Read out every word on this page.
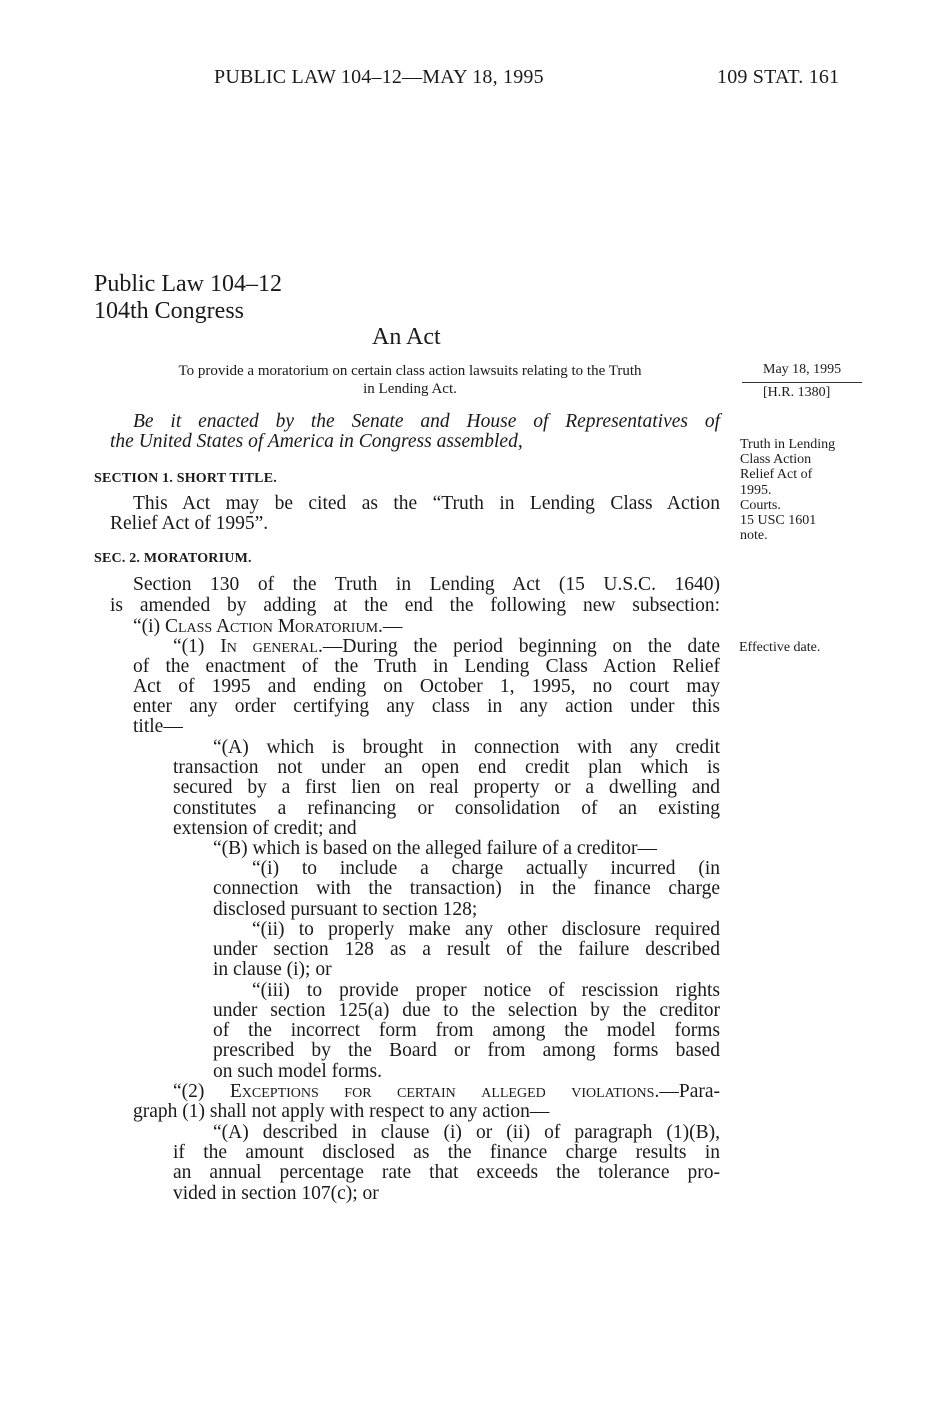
PUBLIC LAW 104–12—MAY 18, 1995	109 STAT. 161
Public Law 104–12
104th Congress
An Act
To provide a moratorium on certain class action lawsuits relating to the Truth
in Lending Act.
May 18, 1995
[H.R. 1380]
Truth in Lending
Class Action
Relief Act of
1995.
Courts.
15 USC 1601
note.
Effective date.
Be it enacted by the Senate and House of Representatives of
the United States of America in Congress assembled,
SECTION 1. SHORT TITLE.
This Act may be cited as the “Truth in Lending Class Action
Relief Act of 1995”.
SEC. 2. MORATORIUM.
Section 130 of the Truth in Lending Act (15 U.S.C. 1640)
is amended by adding at the end the following new subsection:
“(i) Class Action Moratorium.—
“(1) In general.—During the period beginning on the date
of the enactment of the Truth in Lending Class Action Relief
Act of 1995 and ending on October 1, 1995, no court may
enter any order certifying any class in any action under this
title—
“(A) which is brought in connection with any credit
transaction not under an open end credit plan which is
secured by a first lien on real property or a dwelling and
constitutes a refinancing or consolidation of an existing
extension of credit; and
“(B) which is based on the alleged failure of a creditor—
“(i) to include a charge actually incurred (in
connection with the transaction) in the finance charge
disclosed pursuant to section 128;
“(ii) to properly make any other disclosure required
under section 128 as a result of the failure described
in clause (i); or
“(iii) to provide proper notice of rescission rights
under section 125(a) due to the selection by the creditor
of the incorrect form from among the model forms
prescribed by the Board or from among forms based
on such model forms.
“(2) Exceptions for certain alleged violations.—Para-
graph (1) shall not apply with respect to any action—
“(A) described in clause (i) or (ii) of paragraph (1)(B),
if the amount disclosed as the finance charge results in
an annual percentage rate that exceeds the tolerance pro-
vided in section 107(c); or
